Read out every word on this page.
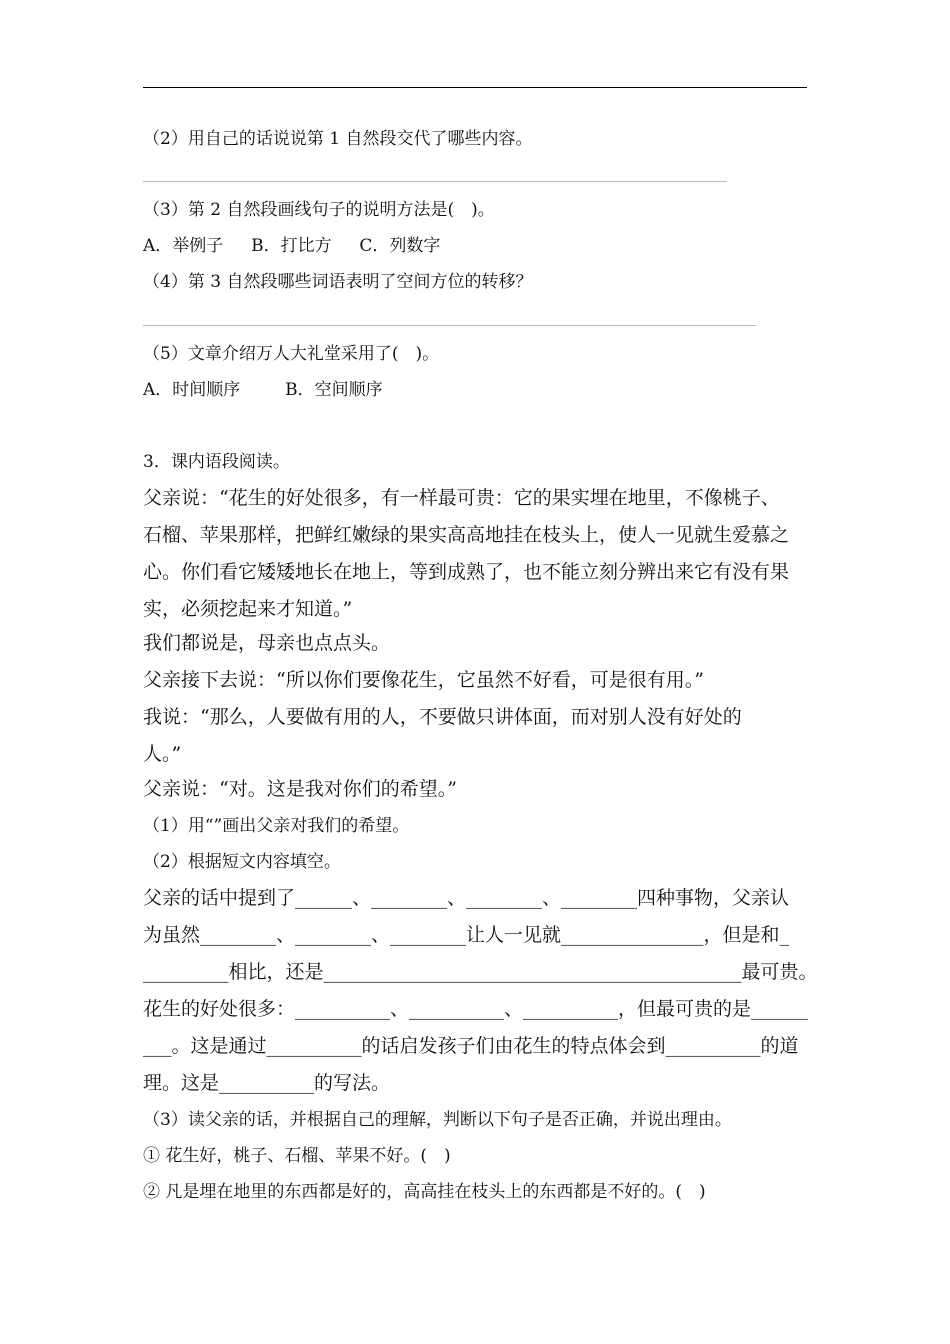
（2）用自己的话说说第 1 自然段交代了哪些内容。
（3）第 2 自然段画线句子的说明方法是(　)。
A．举例子　  B．打比方　  C．列数字
（4）第 3 自然段哪些词语表明了空间方位的转移？
（5）文章介绍万人大礼堂采用了(　)。
A．时间顺序　　  B．空间顺序
3．课内语段阅读。
父亲说：“花生的好处很多，有一样最可贵：它的果实埋在地里，不像桃子、
石榴、苹果那样，把鲜红嫩绿的果实高高地挂在枝头上，使人一见就生爱慕之
心。你们看它矮矮地长在地上，等到成熟了，也不能立刻分辨出来它有没有果
实，必须挖起来才知道。”
我们都说是，母亲也点点头。
父亲接下去说：“所以你们要像花生，它虽然不好看，可是很有用。”
我说：“那么，人要做有用的人，不要做只讲体面，而对别人没有好处的
人。”
父亲说：“对。这是我对你们的希望。”
（1）用“”画出父亲对我们的希望。
（2）根据短文内容填空。
父亲的话中提到了______、________、________、________四种事物，父亲认
为虽然________、________、________让人一见就_______________，但是和_
_________相比，还是____________________________________________最可贵。
花生的好处很多：__________、__________、__________，但最可贵的是______
___。这是通过__________的话启发孩子们由花生的特点体会到__________的道
理。这是__________的写法。
（3）读父亲的话，并根据自己的理解，判断以下句子是否正确，并说出理由。
① 花生好，桃子、石榴、苹果不好。(　)
② 凡是埋在地里的东西都是好的，高高挂在枝头上的东西都是不好的。(　)
